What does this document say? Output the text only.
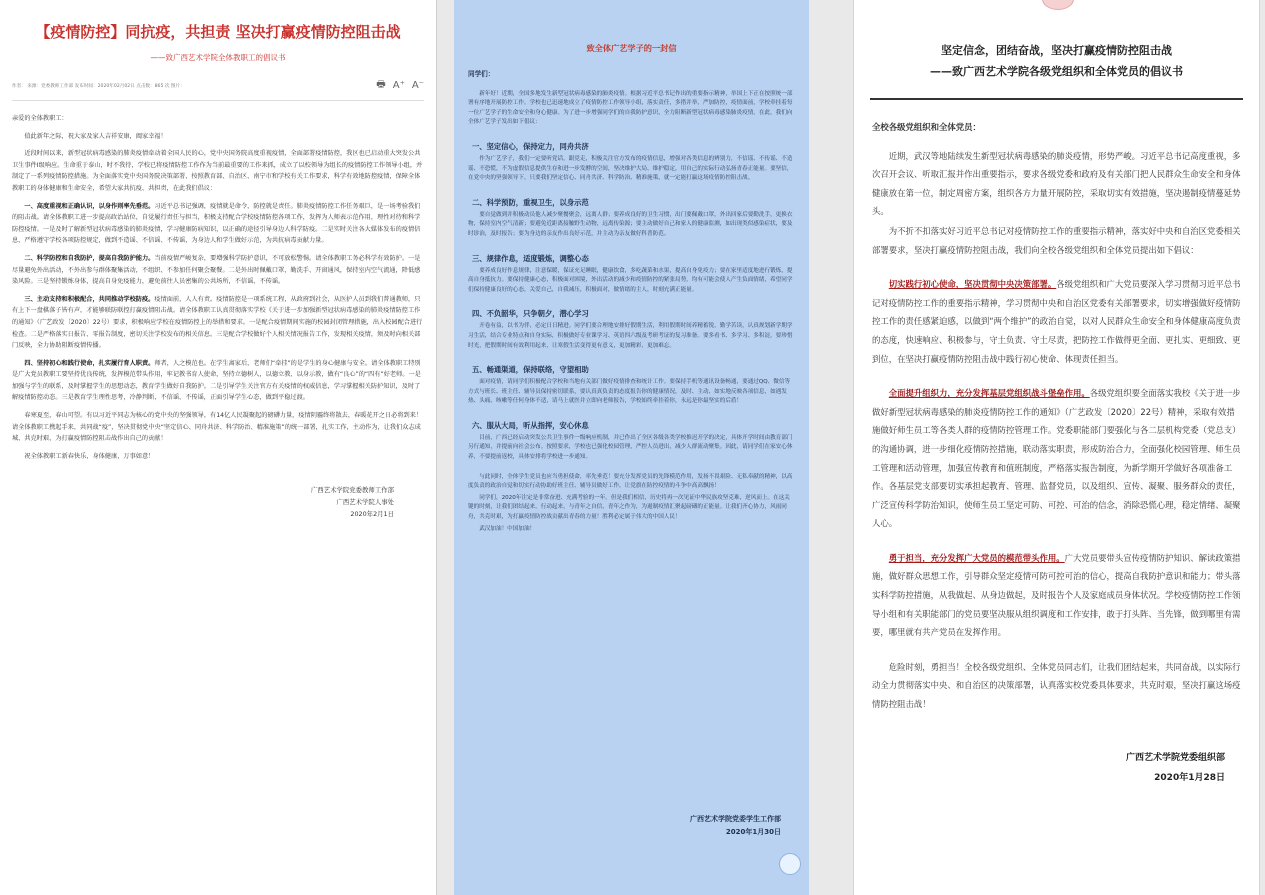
【疫情防控】同抗疫，共担责 坚决打赢疫情防控阻击战
——致广西艺术学院全体教职工的倡议书
作者： 来源：党委教师工作部 发布时间：2020年02月02日 点击数：865 次 图片：	🖶 A⁺ A⁻

亲爱的全体教职工：

值此新年之际，祝大家及家人吉祥安康，阖家幸福！

近段时间以来，新型冠状病毒感染的肺炎疫情牵动着全国人民的心，党中央国务院高度重视疫情，全面部署疫情防控，我区也已启动重大突发公共卫生事件Ⅰ级响应。生命重于泰山，时不我待，学校已将疫情防控工作作为当前最重要的工作来抓，成立了以校领导为组长的疫情防控工作领导小组，并制定了一系列疫情防控措施。为全面落实党中央国务院决策部署，按照教育部、自治区、南宁市和学校有关工作要求，科学有效地防控疫情，保障全体教职工的身体健康和生命安全，希望大家共抗疫、共担责，在此我们倡议：

一、高度重视和正确认识，以身作则率先垂范。习近平总书记强调，疫情就是命令，防控就是责任。肺炎疫情防控工作任务艰巨，是一场考验我们的阻击战。请全体教职工进一步提高政治站位，自觉履行责任与担当，积极支持配合学校疫情防控各项工作，发挥为人师表示范作用，理性对待和科学防控疫情。一是及时了解新型冠状病毒感染的肺炎疫情，学习健康防病知识，以正确的途径引导身边人科学防疫。二是实时关注各大媒体发布的疫情信息，严格遵守学校各项防控规定，做到不造谣、不信谣、不传谣，为身边人和学生做好示范，为共抗病毒贡献力量。

二、科学防控和自我防护，提高自我防护能力。当前疫情严峻复杂，要增强科学防护意识，不可放松警惕。请全体教职工务必科学有效防护。一是尽量避免外出活动，不外出参与群体聚集活动，不组织、不参加任何聚会聚餐。二是外出时佩戴口罩，勤洗手、开窗通风，保持室内空气流通，降低感染风险。三是坚持锻炼身体，提高自身免疫能力，避免前往人员密集的公共场所，不信谣、不传谣。

三、主动支持和积极配合，共同推动学校防疫。疫情面前，人人有责。疫情防控是一项系统工程，从政府到社会，从医护人员到我们普通教师，只有上下一盘棋落子皆有声，才能够联防联控打赢疫情阻击战。请全体教职工认真贯彻落实学校《关于进一步加强新型冠状病毒感染的肺炎疫情防控工作的通知》（广艺政发〔2020〕22号）要求，积极响应学校在疫情防控上的举措和要求。一是配合疫情期间实施的校园封闭管理措施，出入校园配合进行检查。二是严格落实日报告、零报告制度，密切关注学校发布的相关信息。三是配合学校做好个人相关情况报告工作，发现相关疫情，须及时向相关部门反映，全力协助阻断疫情传播。

四、坚持初心和践行使命，扎实履行育人职责。师者，人之模范也。在学生离家后，老师们“牵挂”的是学生的身心健康与安全。请全体教职工特别是广大党员教职工要坚持优良传统，发挥模范带头作用，牢记教书育人使命，坚持立德树人，以德立教、以身示教，做有“良心”的“四有”好老师。一是加强与学生的联系，及时掌握学生的思想动态，教育学生做好自我防护。二是引导学生关注官方有关疫情的权威信息，学习掌握相关防护知识，及时了解疫情防控动态。三是教育学生理性思考，冷静判断，不信谣、不传谣，正面引导学生心态，做到平稳过渡。

春寒夏至，春山可望。有以习近平同志为核心的党中央的坚强领导，有14亿人民凝聚起的磅礴力量，疫情阴霾终将散去，春暖花开之日必将到来！请全体教职工携起手来，共同战“疫”，坚决贯彻党中央“坚定信心、同舟共济、科学防治、精准施策”的统一部署，扎实工作，主动作为，让我们众志成城、共克时艰，为打赢疫情防控阻击战作出自己的贡献！

祝全体教职工新春快乐，身体健康，万事如意！

广西艺术学院党委教师工作部
广西艺术学院人事处
2020年2月1日
致全体广艺学子的一封信

同学们：

新年好！近期，全国多地发生新型冠状病毒感染的肺炎疫情。根据习近平总书记作出的重要指示精神，举国上下正在按照统一部署有序地开展防控工作。学校也已迅速地成立了疫情防控工作领导小组，落实责任，多措并举，严加防控，疫情面前，学校牵挂着每一位广艺学子的生命安全和身心健康。为了进一步增强同学们的自我防护意识，全力阻断新型冠状病毒感染肺炎疫情，在此，我们向全体广艺学子发出如下倡议：

一、坚定信心，保持定力，同舟共济

作为广艺学子，我们一定要听党话，跟党走，积极关注官方发布的疫情信息，增强对各类信息的辨别力，不信谣、不传谣、不造谣、不恐慌，不为虚假信息提供生存和进一步发酵的空间，坚决维护大局、维护稳定，用自己的实际行动弘扬青春正能量。要坚信，在党中央的坚强领导下，只要我们坚定信心、同舟共济、科学防治、精准施策，就一定能打赢这场疫情防控阻击战。

二、科学预防，重视卫生，以身示范

要自觉做到并积极动员他人减少聚餐聚会，远离人群；要养成良好的卫生习惯，出门要佩戴口罩，外出回家后要勤洗手，更换衣物，保持室内空气清新；要避免近距离接触野生动物，远离传染源；要主动做好自己和家人的健康监测，如出现类似感染症状，要及时诊治，及时报告；要为身边的亲友作出良好示范，并主动为亲友做好科普防范。

三、规律作息，适度锻炼，调整心态

要养成良好作息规律，注意保暖，保证充足睡眠，健康饮食，多吃蔬菜和水果，提高自身免疫力；要在家里适度地进行锻炼，提高自身抵抗力。要保持健康心态，积极面对困境，外出活动的减少和疫情防控的紧张局势，均有可能会使人产生负面情绪，希望同学们保持健康良好的心态，关爱自己，自我减压，积极面对，做情绪的主人，时刻充满正能量。

四、不负韶华，只争朝夕，潜心学习

开卷有益，以书为伴，必定日日精进。同学们要合理地安排好假期生活，利用假期时间养精蓄锐，勤学苦读，认真规划新学期学习生活，结合专业特点和自身实际，积极做好专业课学习、英语四六级及考研考证的复习准备。要多看书、多学习、多积淀，要珍惜时光，把假期时间有效利用起来，让寒假生活变得更有意义，更加精彩，更加难忘。

五、畅通渠道，保持联络，守望相助

面对疫情，请同学们积极配合学校和当地有关部门做好疫情排查和统计工作。要保持手机等通讯设备畅通，要通过QQ、微信等方式与班长、班主任、辅导员保持密切联系，要认真真负责的态度报告你的健康情况，及时、主动、如实地反映各项信息，如遇发热、头痛、咳嗽等任何身体不适，请马上就医并立即向老师报告，学校始终牵挂着你，永远是你最坚实的后盾！

六、服从大局，听从指挥，安心休息

目前，广西已经启动突发公共卫生事件一级响应机制，并已作出了全区各级各类学校推迟开学的决定，具体开学时间由教育部门另行通知，并提前向社会公布。按照要求，学校也已强化校园管理，严控人员进出，减少人群流动聚集。因此，请同学们在家安心休养，不要提前返校，具体安排将学校进一步通知。

与此同时，全体学生党员也应当勇担使命，率先垂范！要充分发挥党员的先锋模范作用，发扬不畏艰险、无私奉献的精神，以高度负责的政治自觉和切实行动协助好班主任、辅导员做好工作，让党旗在防控疫情的斗争中高高飘扬！

同学们，2020年注定是非常奋进、充满考验的一年。但是我们相信，历史将再一次见证中华民族攻坚克难，逆风而上。在这关键的时刻，让我们团结起来，行动起来，与青年之自信，青年之作为，为遏制疫情汇聚起磅礴的正能量。让我们齐心协力，风雨同舟，共克时艰，为打赢疫情防控战贡献出青春的力量！胜利必定属于伟大的中国人民！

武汉加油！中国加油！

广西艺术学院党委学生工作部
2020年1月30日
坚定信念，团结奋战，坚决打赢疫情防控阻击战
——致广西艺术学院各级党组织和全体党员的倡议书

全校各级党组织和全体党员：

近期，武汉等地陆续发生新型冠状病毒感染的肺炎疫情，形势严峻。习近平总书记高度重视，多次召开会议、听取汇报并作出重要指示，要求各级党委和政府及有关部门把人民群众生命安全和身体健康放在第一位，制定周密方案，组织各方力量开展防控，采取切实有效措施，坚决遏制疫情蔓延势头。

为不折不扣落实好习近平总书记对疫情防控工作的重要指示精神，落实好中央和自治区党委相关部署要求，坚决打赢疫情防控阻击战，我们向全校各级党组织和全体党员提出如下倡议：

切实践行初心使命，坚决贯彻中央决策部署。各级党组织和广大党员要深入学习贯彻习近平总书记对疫情防控工作的重要指示精神，学习贯彻中央和自治区党委有关部署要求，切实增强做好疫情防控工作的责任感紧迫感，以做到“两个维护”的政治自觉，以对人民群众生命安全和身体健康高度负责的态度，快速响应、积极参与，守土负责、守土尽责，把防控工作做得更全面、更扎实、更细致、更到位，在坚决打赢疫情防控阻击战中践行初心使命、体现责任担当。

全面提升组织力，充分发挥基层党组织战斗堡垒作用。各级党组织要全面落实我校《关于进一步做好新型冠状病毒感染的肺炎疫情防控工作的通知》（广艺政发〔2020〕22号）精神，采取有效措施做好师生员工等各类人群的疫情防控管理工作。党委职能部门要强化与各二层机构党委（党总支）的沟通协调，进一步细化疫情防控措施，联动落实职责，形成防治合力，全面强化校园管理、师生员工管理和活动管理，加强宣传教育和值班制度，严格落实报告制度，为新学期开学做好各项准备工作。各基层党支部要切实承担起教育、管理、监督党员，以及组织、宣传、凝聚、服务群众的责任，广泛宣传科学防治知识，使师生员工坚定可防、可控、可治的信念，消除恐慌心理，稳定情绪、凝聚人心。

勇于担当，充分发挥广大党员的模范带头作用。广大党员要带头宣传疫情防护知识、解读政策措施，做好群众思想工作，引导群众坚定疫情可防可控可治的信心，提高自我防护意识和能力；带头落实科学防控措施，从我做起、从身边做起，及时报告个人及家庭成员身体状况。学校疫情防控工作领导小组和有关职能部门的党员要坚决服从组织调度和工作安排，敢于打头阵、当先锋，做到哪里有需要，哪里就有共产党员在发挥作用。

危险时刻，勇担当！全校各级党组织、全体党员同志们，让我们团结起来，共同奋战，以实际行动全力贯彻落实中央、和自治区的决策部署，认真落实校党委具体要求，共克时艰，坚决打赢这场疫情防控阻击战！

广西艺术学院党委组织部
2020年1月28日
